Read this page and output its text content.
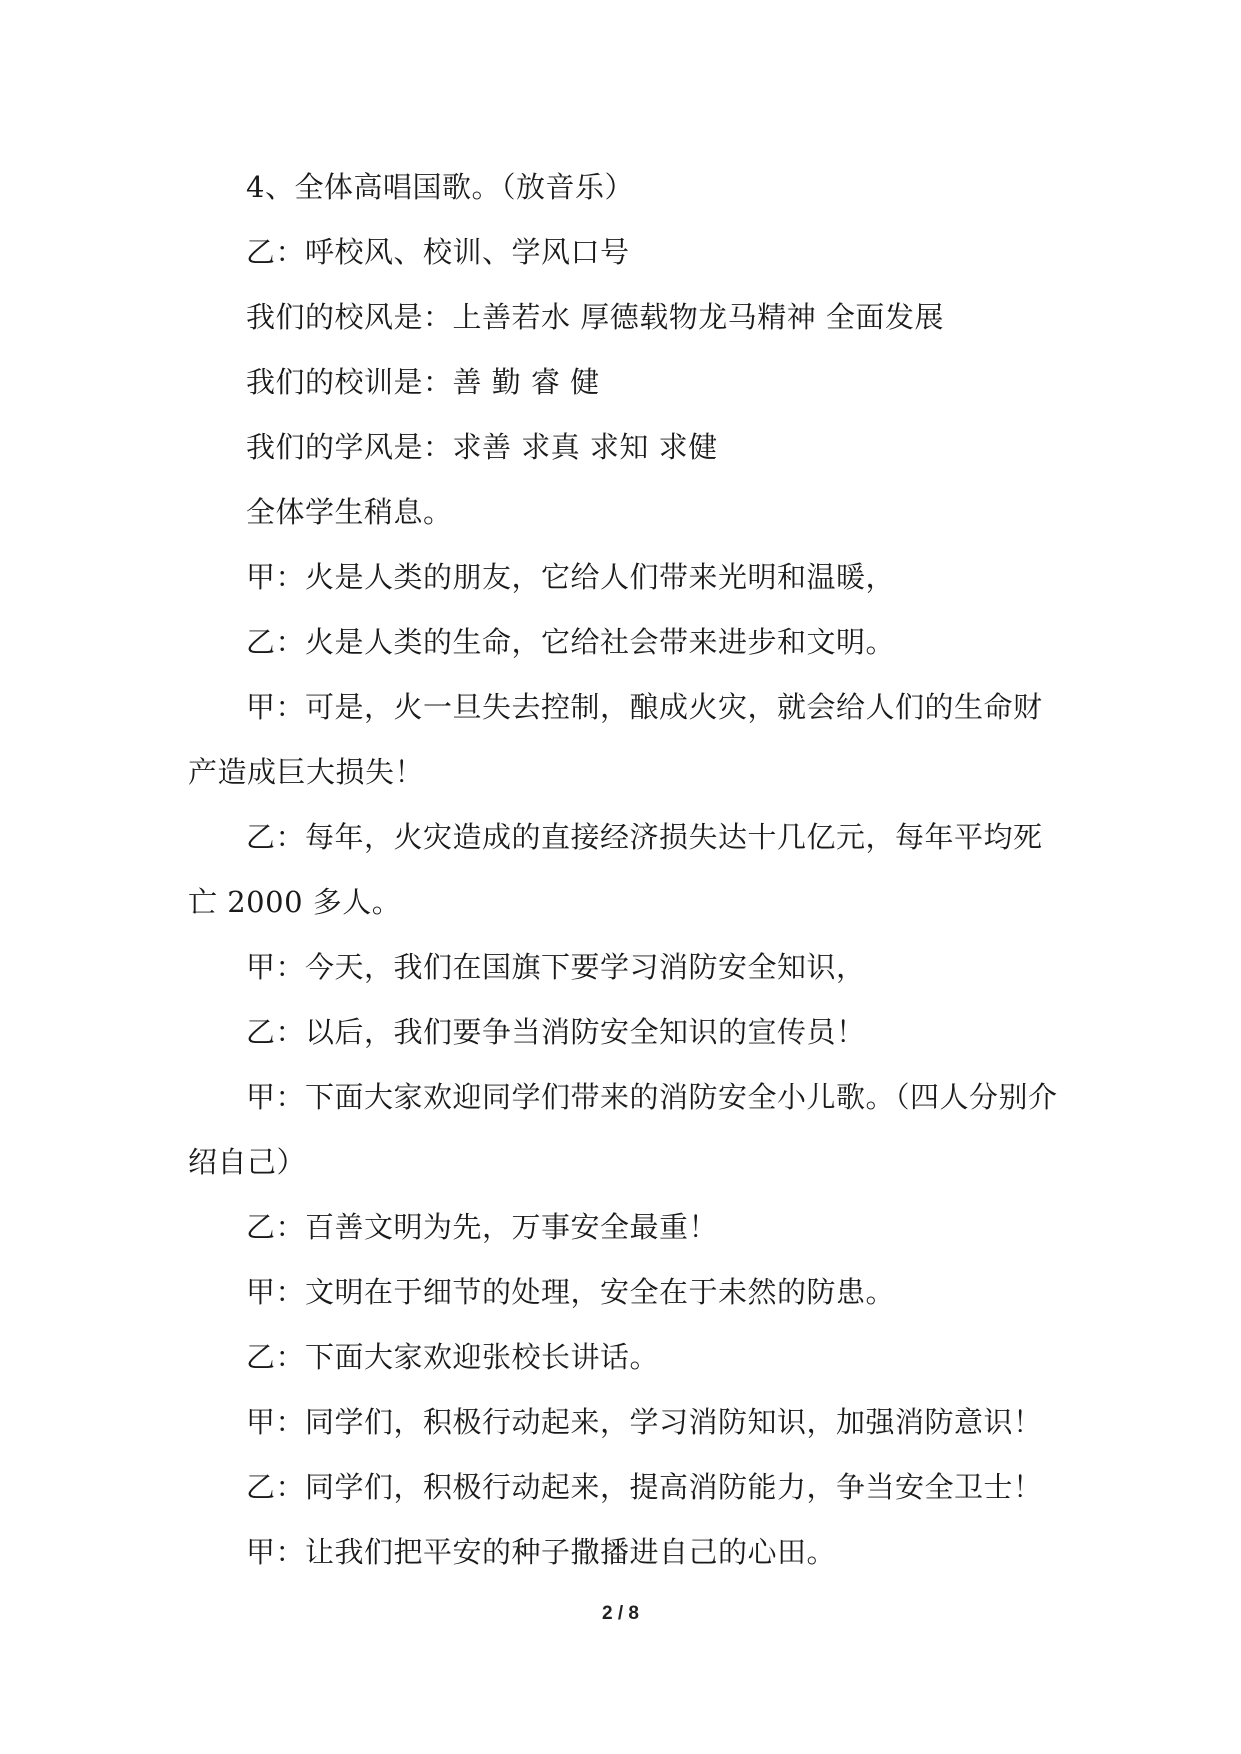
4、全体高唱国歌。（放音乐）

乙：呼校风、校训、学风口号

我们的校风是：上善若水 厚德载物龙马精神 全面发展

我们的校训是：善 勤 睿 健

我们的学风是：求善 求真 求知 求健

全体学生稍息。

甲：火是人类的朋友，它给人们带来光明和温暖，

乙：火是人类的生命，它给社会带来进步和文明。

甲：可是，火一旦失去控制，酿成火灾，就会给人们的生命财产造成巨大损失！

乙：每年，火灾造成的直接经济损失达十几亿元，每年平均死亡 2000 多人。

甲：今天，我们在国旗下要学习消防安全知识，

乙：以后，我们要争当消防安全知识的宣传员！

甲：下面大家欢迎同学们带来的消防安全小儿歌。（四人分别介绍自己）

乙：百善文明为先，万事安全最重！

甲：文明在于细节的处理，安全在于未然的防患。

乙：下面大家欢迎张校长讲话。

甲：同学们，积极行动起来，学习消防知识，加强消防意识！

乙：同学们，积极行动起来，提高消防能力，争当安全卫士！

甲：让我们把平安的种子撒播进自己的心田。

2 / 8
